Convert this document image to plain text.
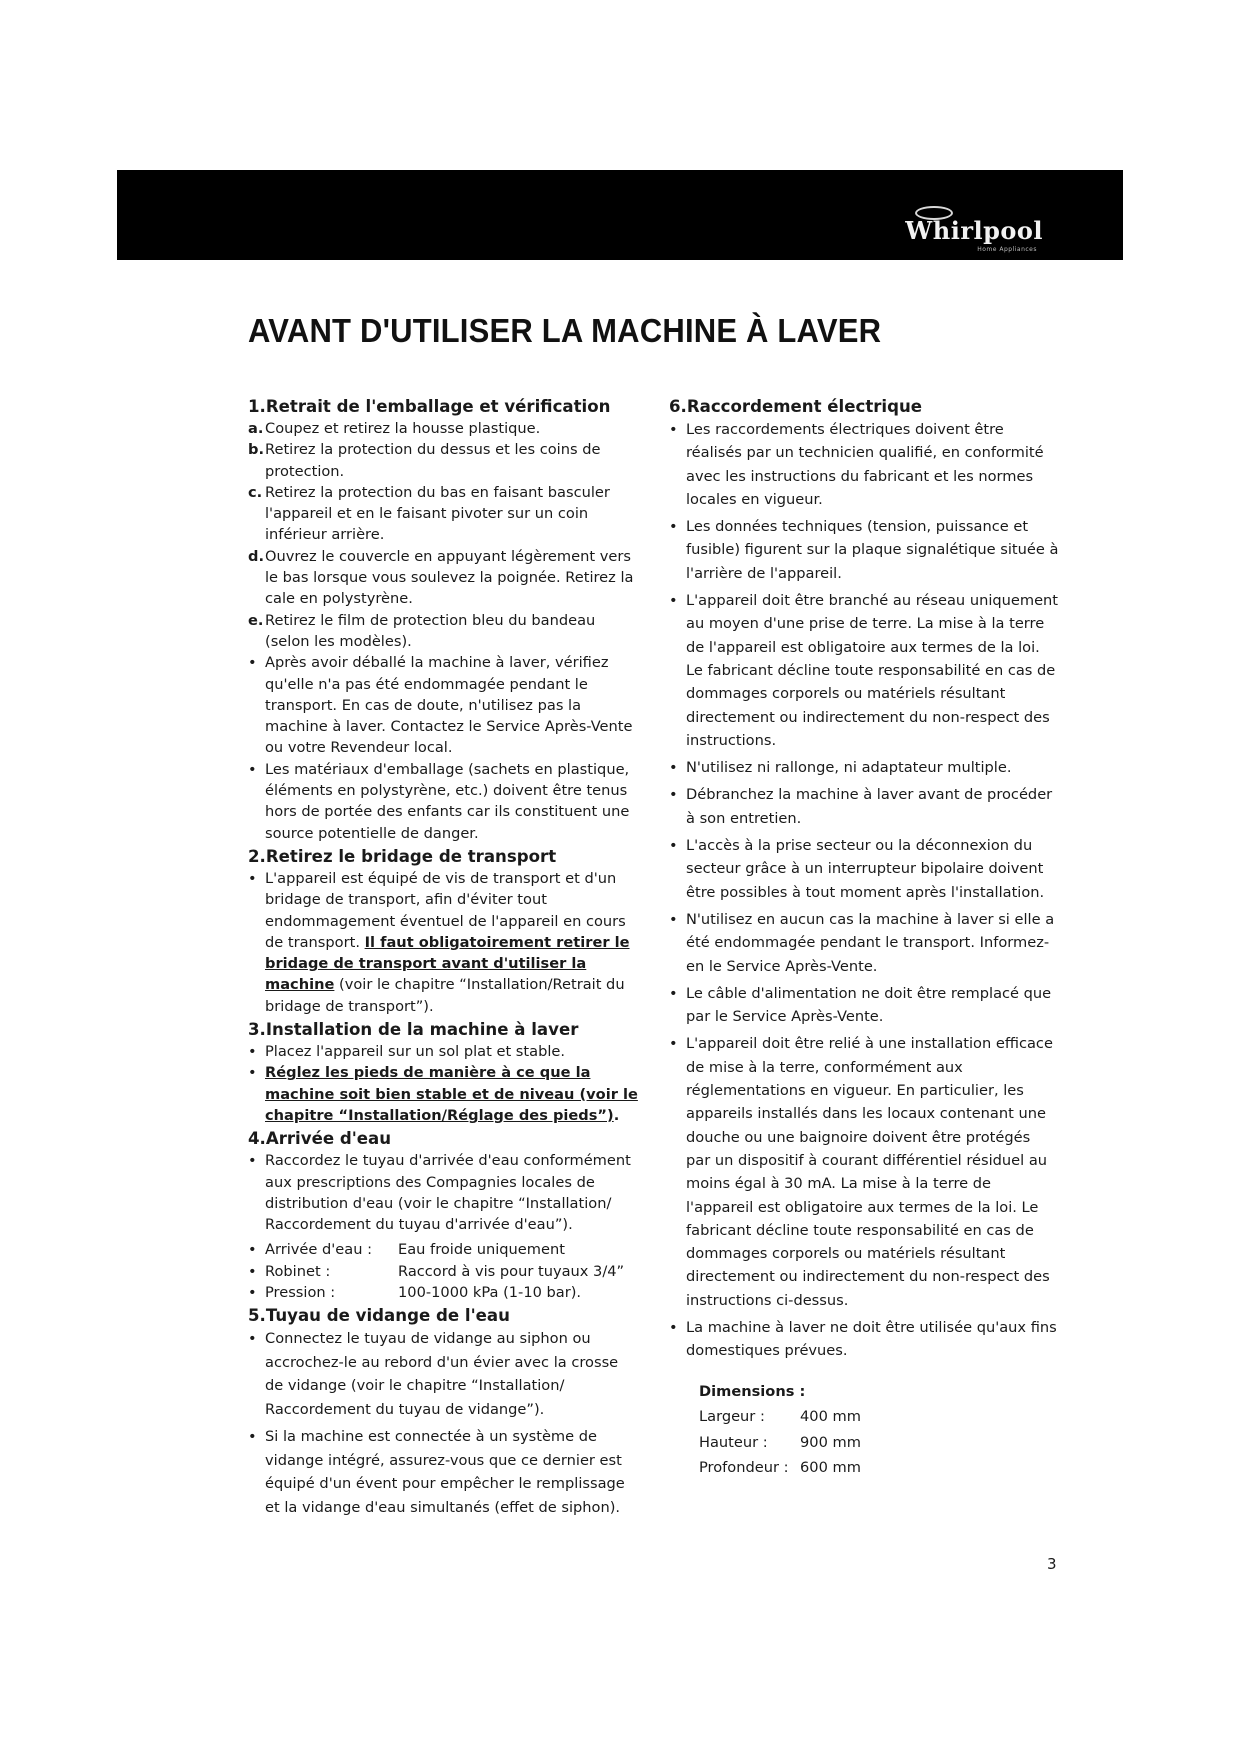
Whirlpool
Home Appliances
AVANT D'UTILISER LA MACHINE À LAVER
1.Retrait de l'emballage et vérification
a. Coupez et retirez la housse plastique.
b. Retirez la protection du dessus et les coins de protection.
c. Retirez la protection du bas en faisant basculer l'appareil et en le faisant pivoter sur un coin inférieur arrière.
d. Ouvrez le couvercle en appuyant légèrement vers le bas lorsque vous soulevez la poignée. Retirez la cale en polystyrène.
e. Retirez le film de protection bleu du bandeau (selon les modèles).
• Après avoir déballé la machine à laver, vérifiez qu'elle n'a pas été endommagée pendant le transport. En cas de doute, n'utilisez pas la machine à laver. Contactez le Service Après-Vente ou votre Revendeur local.
• Les matériaux d'emballage (sachets en plastique, éléments en polystyrène, etc.) doivent être tenus hors de portée des enfants car ils constituent une source potentielle de danger.
2.Retirez le bridage de transport
• L'appareil est équipé de vis de transport et d'un bridage de transport, afin d'éviter tout endommagement éventuel de l'appareil en cours de transport. Il faut obligatoirement retirer le bridage de transport avant d'utiliser la machine (voir le chapitre “Installation/Retrait du bridage de transport”).
3.Installation de la machine à laver
• Placez l'appareil sur un sol plat et stable.
• Réglez les pieds de manière à ce que la machine soit bien stable et de niveau (voir le chapitre “Installation/Réglage des pieds”).
4.Arrivée d'eau
• Raccordez le tuyau d'arrivée d'eau conformément aux prescriptions des Compagnies locales de distribution d'eau (voir le chapitre “Installation/ Raccordement du tuyau d'arrivée d'eau”).
• Arrivée d'eau :	Eau froide uniquement
• Robinet :	Raccord à vis pour tuyaux 3/4”
• Pression :	100-1000 kPa (1-10 bar).
5.Tuyau de vidange de l'eau
• Connectez le tuyau de vidange au siphon ou accrochez-le au rebord d'un évier avec la crosse de vidange (voir le chapitre “Installation/ Raccordement du tuyau de vidange”).
• Si la machine est connectée à un système de vidange intégré, assurez-vous que ce dernier est équipé d'un évent pour empêcher le remplissage et la vidange d'eau simultanés (effet de siphon).
6.Raccordement électrique
• Les raccordements électriques doivent être réalisés par un technicien qualifié, en conformité avec les instructions du fabricant et les normes locales en vigueur.
• Les données techniques (tension, puissance et fusible) figurent sur la plaque signalétique située à l'arrière de l'appareil.
• L'appareil doit être branché au réseau uniquement au moyen d'une prise de terre. La mise à la terre de l'appareil est obligatoire aux termes de la loi. Le fabricant décline toute responsabilité en cas de dommages corporels ou matériels résultant directement ou indirectement du non-respect des instructions.
• N'utilisez ni rallonge, ni adaptateur multiple.
• Débranchez la machine à laver avant de procéder à son entretien.
• L'accès à la prise secteur ou la déconnexion du secteur grâce à un interrupteur bipolaire doivent être possibles à tout moment après l'installation.
• N'utilisez en aucun cas la machine à laver si elle a été endommagée pendant le transport. Informez-en le Service Après-Vente.
• Le câble d'alimentation ne doit être remplacé que par le Service Après-Vente.
• L'appareil doit être relié à une installation efficace de mise à la terre, conformément aux réglementations en vigueur. En particulier, les appareils installés dans les locaux contenant une douche ou une baignoire doivent être protégés par un dispositif à courant différentiel résiduel au moins égal à 30 mA. La mise à la terre de l'appareil est obligatoire aux termes de la loi. Le fabricant décline toute responsabilité en cas de dommages corporels ou matériels résultant directement ou indirectement du non-respect des instructions ci-dessus.
• La machine à laver ne doit être utilisée qu'aux fins domestiques prévues.
Dimensions :
Largeur :	400 mm
Hauteur :	900 mm
Profondeur : 600 mm
3
